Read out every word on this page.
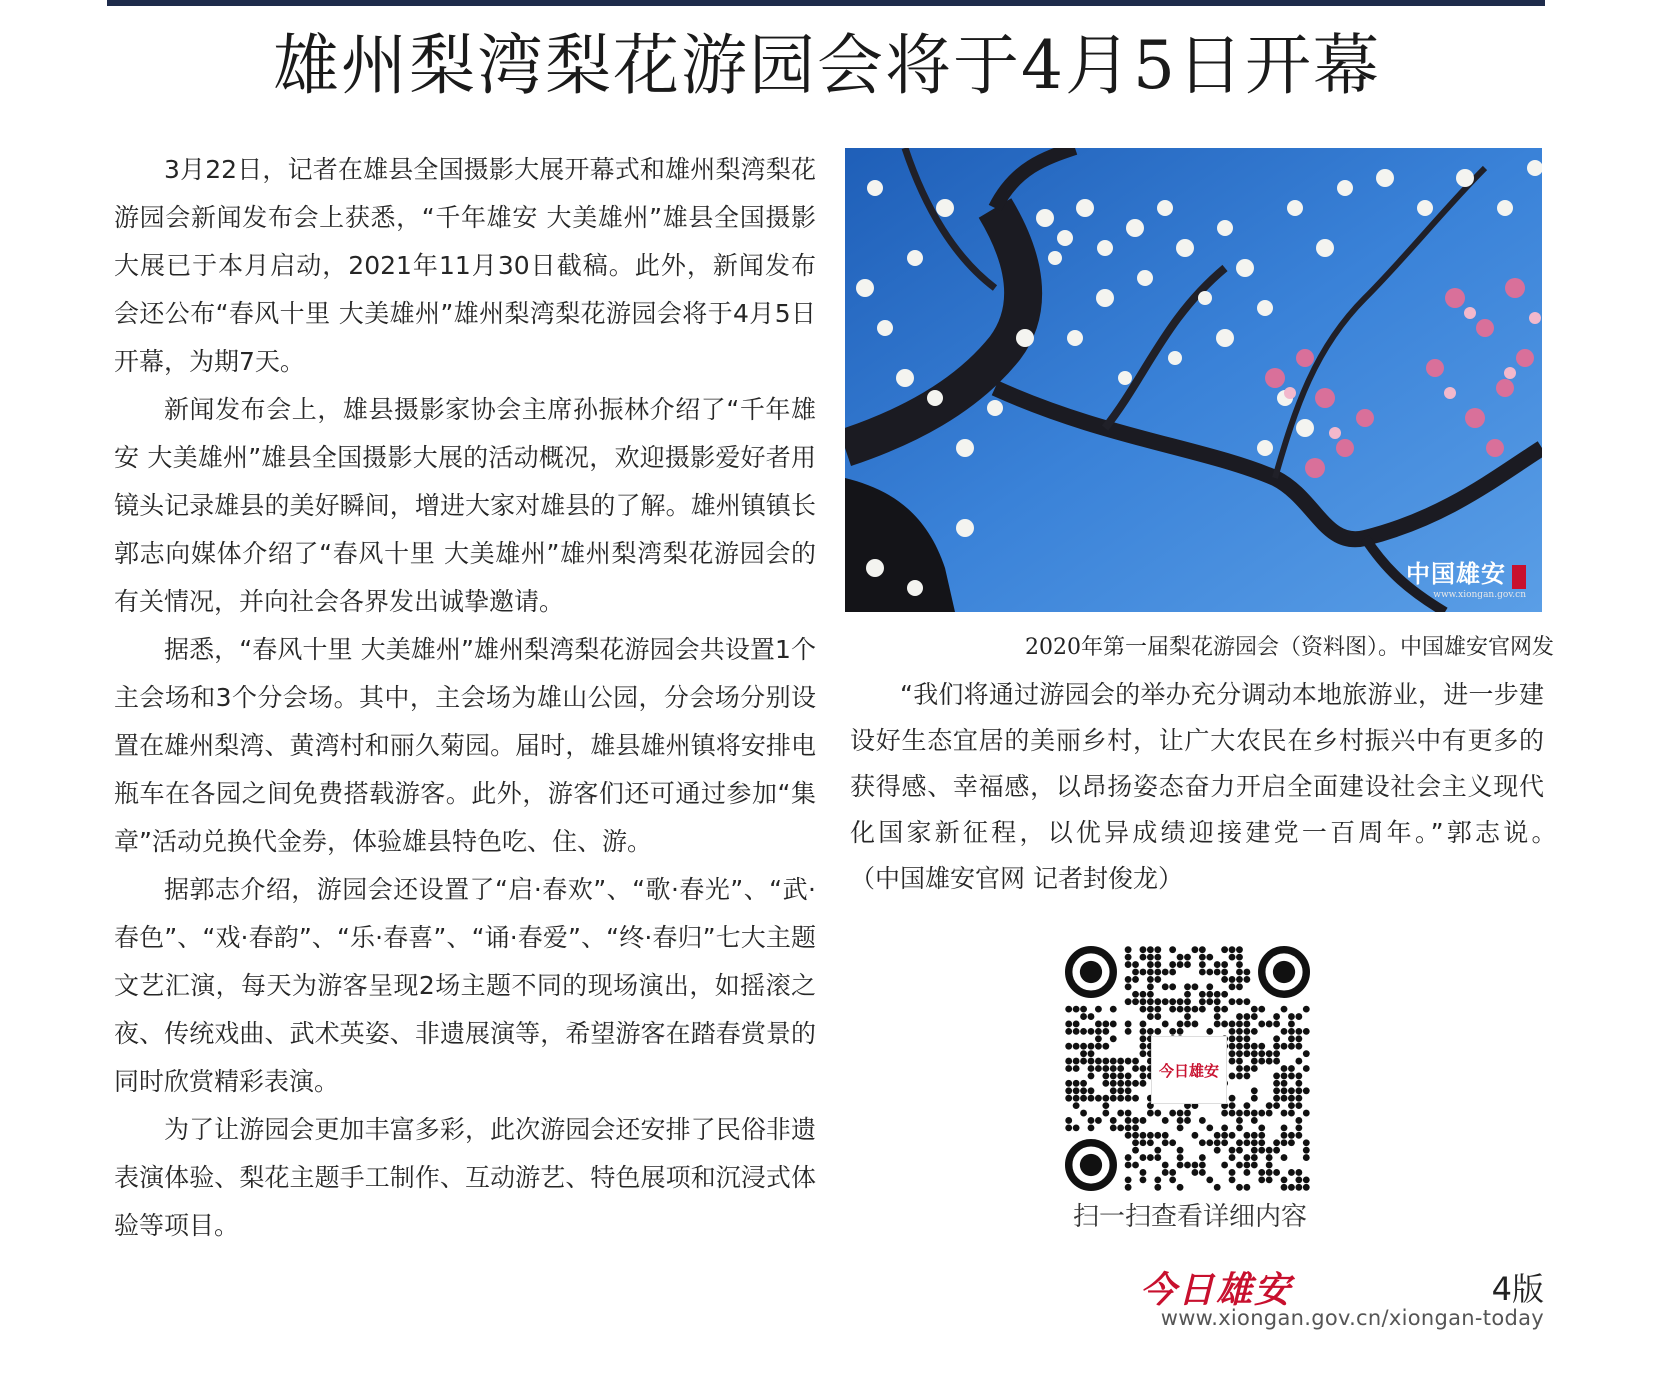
雄州梨湾梨花游园会将于4月5日开幕

3月22日，记者在雄县全国摄影大展开幕式和雄州梨湾梨花游园会新闻发布会上获悉，“千年雄安 大美雄州”雄县全国摄影大展已于本月启动，2021年11月30日截稿。此外，新闻发布会还公布“春风十里 大美雄州”雄州梨湾梨花游园会将于4月5日开幕，为期7天。

新闻发布会上，雄县摄影家协会主席孙振林介绍了“千年雄安 大美雄州”雄县全国摄影大展的活动概况，欢迎摄影爱好者用镜头记录雄县的美好瞬间，增进大家对雄县的了解。雄州镇镇长郭志向媒体介绍了“春风十里 大美雄州”雄州梨湾梨花游园会的有关情况，并向社会各界发出诚挚邀请。

据悉，“春风十里 大美雄州”雄州梨湾梨花游园会共设置1个主会场和3个分会场。其中，主会场为雄山公园，分会场分别设置在雄州梨湾、黄湾村和丽久菊园。届时，雄县雄州镇将安排电瓶车在各园之间免费搭载游客。此外，游客们还可通过参加“集章”活动兑换代金券，体验雄县特色吃、住、游。

据郭志介绍，游园会还设置了“启·春欢”、“歌·春光”、“武·春色”、“戏·春韵”、“乐·春喜”、“诵·春爱”、“终·春归”七大主题文艺汇演，每天为游客呈现2场主题不同的现场演出，如摇滚之夜、传统戏曲、武术英姿、非遗展演等，希望游客在踏春赏景的同时欣赏精彩表演。

为了让游园会更加丰富多彩，此次游园会还安排了民俗非遗表演体验、梨花主题手工制作、互动游艺、特色展项和沉浸式体验等项目。

中国雄安
www.xiongan.gov.cn
2020年第一届梨花游园会（资料图）。中国雄安官网发

“我们将通过游园会的举办充分调动本地旅游业，进一步建设好生态宜居的美丽乡村，让广大农民在乡村振兴中有更多的获得感、幸福感，以昂扬姿态奋力开启全面建设社会主义现代化国家新征程，以优异成绩迎接建党一百周年。”郭志说。　　（中国雄安官网 记者封俊龙）

今日雄安
扫一扫查看详细内容
今日雄安	4版
www.xiongan.gov.cn/xiongan-today
